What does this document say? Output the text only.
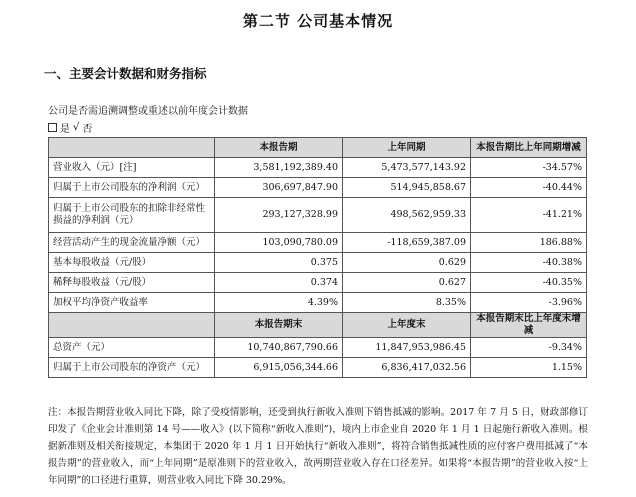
第二节 公司基本情况
一、主要会计数据和财务指标
公司是否需追溯调整或重述以前年度会计数据
是 √ 否
	本报告期	上年同期	本报告期比上年同期增减
营业收入（元）[注]	3,581,192,389.40	5,473,577,143.92	-34.57%
归属于上市公司股东的净利润（元）	306,697,847.90	514,945,858.67	-40.44%
归属于上市公司股东的扣除非经常性损益的净利润（元）	293,127,328.99	498,562,959.33	-41.21%
经营活动产生的现金流量净额（元）	103,090,780.09	-118,659,387.09	186.88%
基本每股收益（元/股）	0.375	0.629	-40.38%
稀释每股收益（元/股）	0.374	0.627	-40.35%
加权平均净资产收益率	4.39%	8.35%	-3.96%
	本报告期末	上年度末	本报告期末比上年度末增减
总资产（元）	10,740,867,790.66	11,847,953,986.45	-9.34%
归属于上市公司股东的净资产（元）	6,915,056,344.66	6,836,417,032.56	1.15%
注：本报告期营业收入同比下降，除了受疫情影响，还受到执行新收入准则下销售抵减的影响。2017 年 7 月 5 日，财政部修订印发了《企业会计准则第 14 号——收入》(以下简称“新收入准则”)，境内上市企业自 2020 年 1 月 1 日起施行新收入准则。根据新准则及相关衔接规定，本集团于 2020 年 1 月 1 日开始执行“新收入准则”，将符合销售抵减性质的应付客户费用抵减了“本报告期”的营业收入，而“上年同期”是原准则下的营业收入，故两期营业收入存在口径差异。如果将“本报告期”的营业收入按“上年同期”的口径进行重算，则营业收入同比下降 30.29%。
